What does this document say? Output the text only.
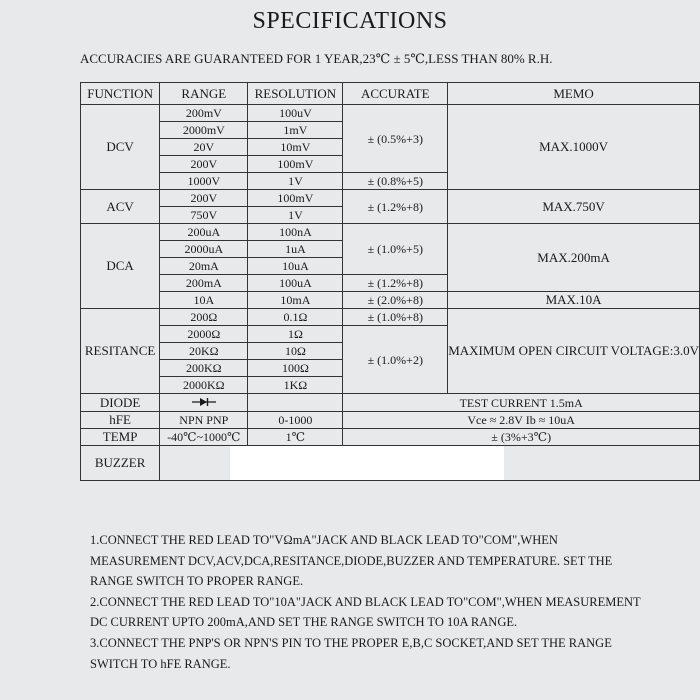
SPECIFICATIONS
ACCURACIES ARE GUARANTEED FOR 1 YEAR,23℃ ± 5℃,LESS THAN 80% R.H.
FUNCTION	RANGE	RESOLUTION	ACCURATE	MEMO
DCV	200mV	100uV	± (0.5%+3)	MAX.1000V
	2000mV	1mV		
	20V	10mV		
	200V	100mV		
	1000V	1V	± (0.8%+5)	
ACV	200V	100mV	± (1.2%+8)	MAX.750V
	750V	1V		
DCA	200uA	100nA	± (1.0%+5)	MAX.200mA
	2000uA	1uA		
	20mA	10uA		
	200mA	100uA	± (1.2%+8)	
	10A	10mA	± (2.0%+8)	MAX.10A
RESITANCE	200Ω	0.1Ω	± (1.0%+8)	MAXIMUM OPEN CIRCUIT VOLTAGE:3.0V
	2000Ω	1Ω	± (1.0%+2)	
	20KΩ	10Ω		
	200KΩ	100Ω		
	2000KΩ	1KΩ		
DIODE			TEST CURRENT 1.5mA	
hFE	NPN PNP	0-1000	Vce ≈ 2.8V Ib ≈ 10uA	
TEMP	-40℃~1000℃	1℃	± (3%+3℃)	
BUZZER				

1.CONNECT THE RED LEAD TO"VΩmA"JACK AND BLACK LEAD TO"COM",WHEN MEASUREMENT DCV,ACV,DCA,RESITANCE,DIODE,BUZZER AND TEMPERATURE. SET THE RANGE SWITCH TO PROPER RANGE.

2.CONNECT THE RED LEAD TO"10A"JACK AND BLACK LEAD TO"COM",WHEN MEASUREMENT DC CURRENT UPTO 200mA,AND SET THE RANGE SWITCH TO 10A RANGE.

3.CONNECT THE PNP'S OR NPN'S PIN TO THE PROPER E,B,C SOCKET,AND SET THE RANGE SWITCH TO hFE RANGE.
